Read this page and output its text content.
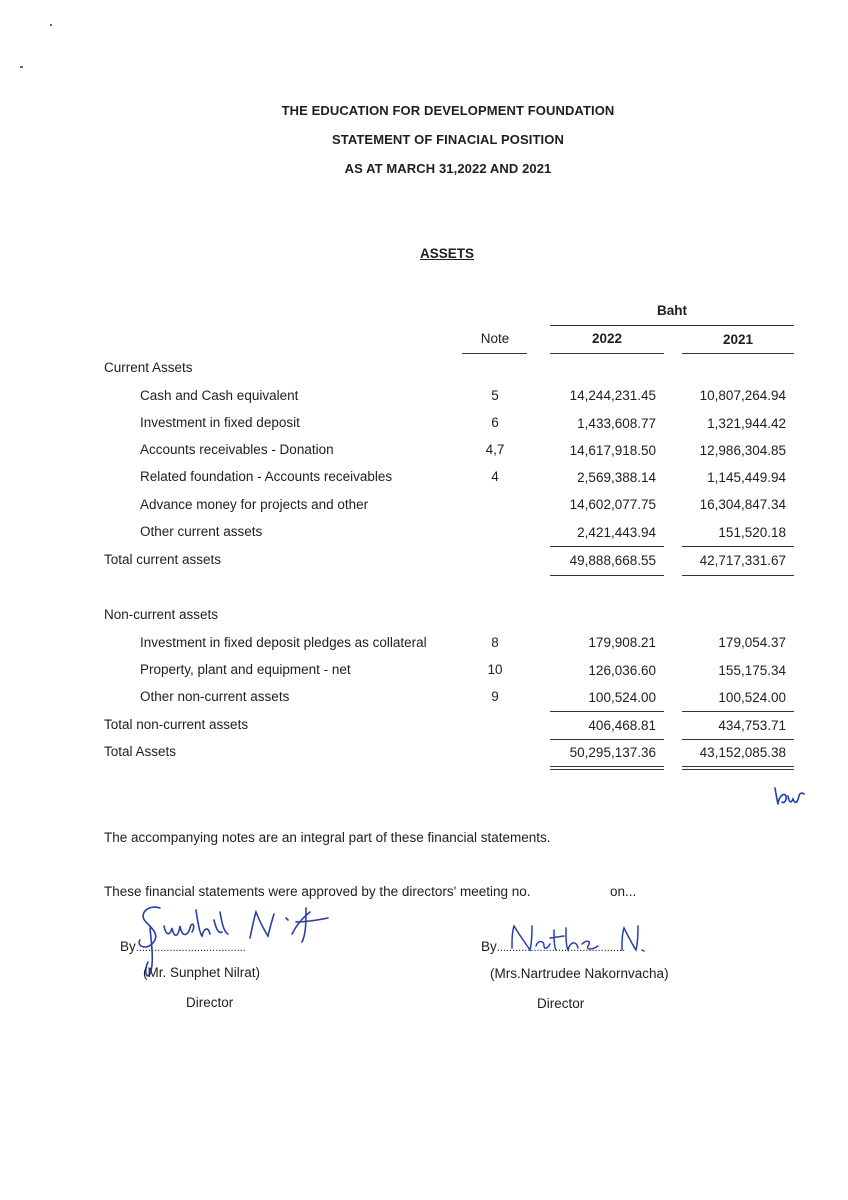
THE EDUCATION FOR DEVELOPMENT FOUNDATION
STATEMENT OF FINACIAL POSITION
AS AT MARCH 31,2022 AND 2021
ASSETS
Baht
Note	2022	2021
Current Assets
Cash and Cash equivalent	5	14,244,231.45	10,807,264.94
Investment in fixed deposit	6	1,433,608.77	1,321,944.42
Accounts receivables - Donation	4,7	14,617,918.50	12,986,304.85
Related foundation - Accounts receivables	4	2,569,388.14	1,145,449.94
Advance money for projects and other	14,602,077.75	16,304,847.34
Other current assets	2,421,443.94	151,520.18
Total current assets	49,888,668.55	42,717,331.67
Non-current assets
Investment in fixed deposit pledges as collateral	8	179,908.21	179,054.37
Property, plant and equipment - net	10	126,036.60	155,175.34
Other non-current assets	9	100,524.00	100,524.00
Total non-current assets	406,468.81	434,753.71
Total Assets	50,295,137.36	43,152,085.38
The accompanying notes are an integral part of these financial statements.
These financial statements were approved by the directors' meeting no.	on...
By....................................
(Mr. Sunphet Nilrat)
Director
By..........................................
(Mrs.Nartrudee Nakornvacha)
Director
